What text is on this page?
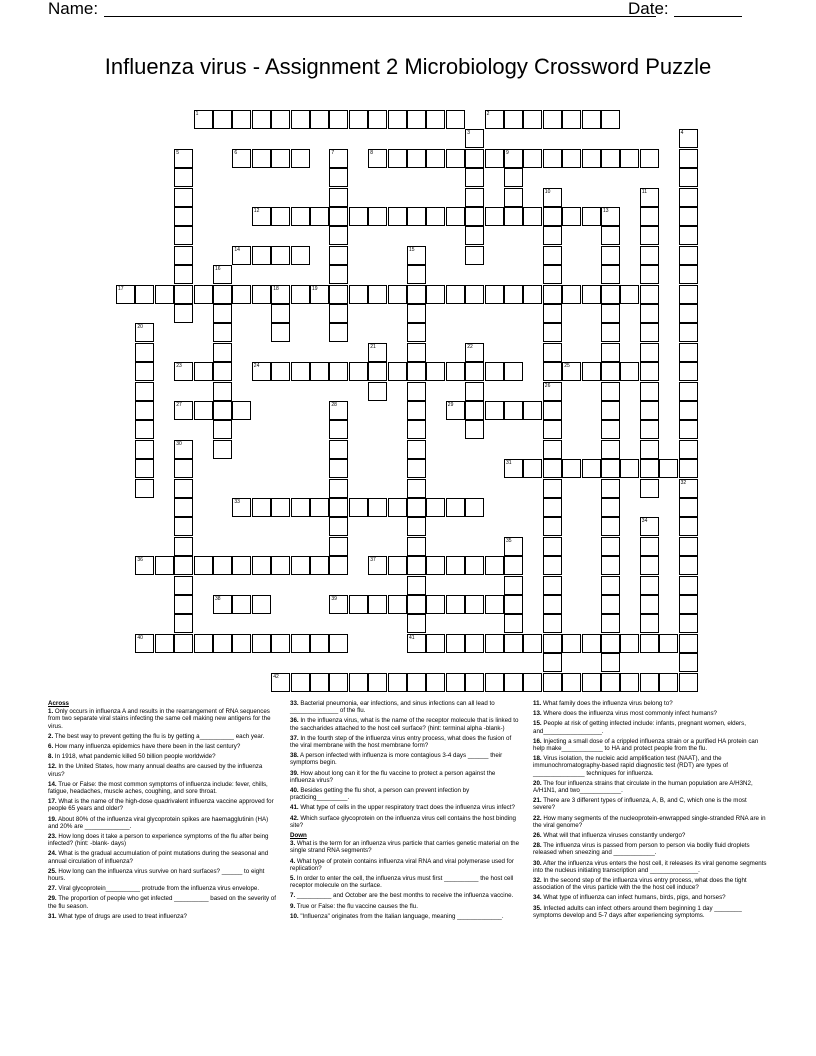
Name:	Date:
Influenza virus - Assignment 2 Microbiology Crossword Puzzle
1	2
3	4
32
5	6	7	8	9
10
26
11
12	13
14	15
16
17	18	19
20
21	22
23	24	25
27	28	29
30
31
33
34
35
36	37
38	39
40	41
42

Across

1. Only occurs in influenza A and results in the rearrangement of RNA sequences from two separate viral stains infecting the same cell making new antigens for the virus.

2. The best way to prevent getting the flu is by getting a__________ each year.

6. How many influenza epidemics have there been in the last century?

8. In 1918, what pandemic killed 50 billion people worldwide?

12. In the United States, how many annual deaths are caused by the influenza virus?

14. True or False: the most common symptoms of influenza include: fever, chills, fatigue, headaches, muscle aches, coughing, and sore throat.

17. What is the name of the high-dose quadrivalent influenza vaccine approved for people 65 years and older?

19. About 80% of the influenza viral glycoprotein spikes are haemagglutinin (HA) and 20% are _____________.

23. How long does it take a person to experience symptoms of the flu after being infected? (hint: -blank- days)

24. What is the gradual accumulation of point mutations during the seasonal and annual circulation of influenza?

25. How long can the influenza virus survive on hard surfaces? ______ to eight hours.

27. Viral glycoprotein__________ protrude from the influenza virus envelope.

29. The proportion of people who get infected __________ based on the severity of the flu season.

31. What type of drugs are used to treat influenza?

33. Bacterial pneumonia, ear infections, and sinus infections can all lead to ______________ of the flu.

36. In the influenza virus, what is the name of the receptor molecule that is linked to the saccharides attached to the host cell surface? (hint: terminal alpha -blank-)

37. In the fourth step of the influenza virus entry process, what does the fusion of the viral membrane with the host membrane form?

38. A person infected with influenza is more contagious 3-4 days ______ their symptoms begin.

39. How about long can it for the flu vaccine to protect a person against the influenza virus?

40. Besides getting the flu shot, a person can prevent infection by practicing_________.

41. What type of cells in the upper respiratory tract does the influenza virus infect?

42. Which surface glycoprotein on the influenza virus cell contains the host binding site?

Down

3. What is the term for an influenza virus particle that carries genetic material on the single strand RNA segments?

4. What type of protein contains influenza viral RNA and viral polymerase used for replication?

5. In order to enter the cell, the influenza virus must first __________ the host cell receptor molecule on the surface.

7. __________ and October are the best months to receive the influenza vaccine.

9. True or False: the flu vaccine causes the flu.

10. "Influenza" originates from the Italian language, meaning _____________.

11. What family does the influenza virus belong to?

13. Where does the influenza virus most commonly infect humans?

15. People at risk of getting infected include: infants, pregnant women, elders, and_________________.

16. Injecting a small dose of a crippled influenza strain or a purified HA protein can help make____________ to HA and protect people from the flu.

18. Virus isolation, the nucleic acid amplification test (NAAT), and the immunochromatography-based rapid diagnostic test (RDT) are types of _______________ techniques for influenza.

20. The four influenza strains that circulate in the human population are A/H3N2, A/H1N1, and two____________.

21. There are 3 different types of influenza, A, B, and C, which one is the most severe?

22. How many segments of the nucleoprotein-enwrapped single-stranded RNA are in the viral genome?

26. What will that influenza viruses constantly undergo?

28. The influenza virus is passed from person to person via bodily fluid droplets released when sneezing and ____________.

30. After the influenza virus enters the host cell, it releases its viral genome segments into the nucleus initiating transcription and ______________.

32. In the second step of the influenza virus entry process, what does the tight association of the virus particle with the the host cell induce?

34. What type of influenza can infect humans, birds, pigs, and horses?

35. Infected adults can infect others around them beginning 1 day ________ symptoms develop and 5-7 days after experiencing symptoms.
